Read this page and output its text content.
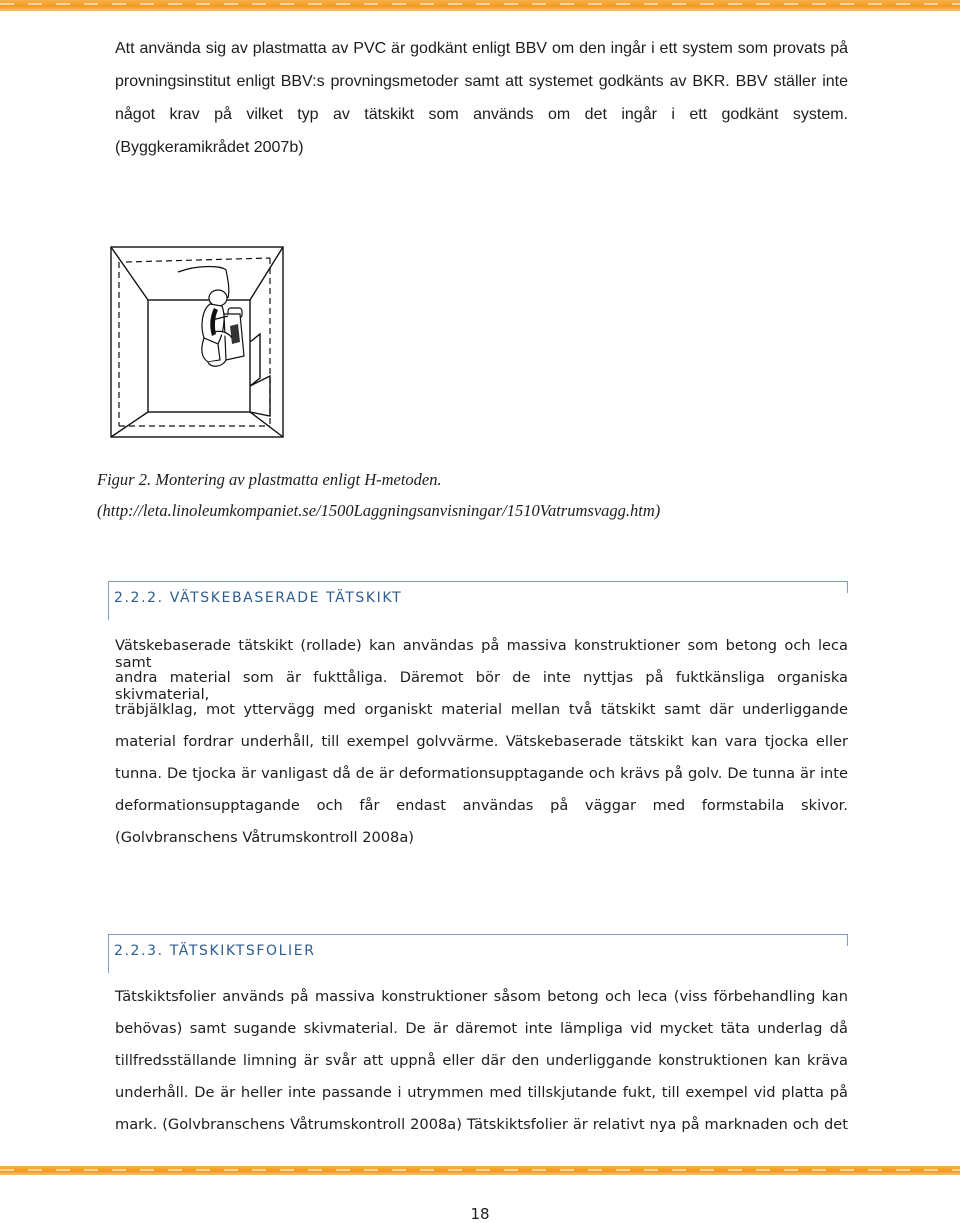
Att använda sig av plastmatta av PVC är godkänt enligt BBV om den ingår i ett system som provats på
provningsinstitut enligt BBV:s provningsmetoder samt att systemet godkänts av BKR. BBV ställer inte
något krav på vilket typ av tätskikt som används om det ingår i ett godkänt system.
(Byggkeramikrådet 2007b)
Figur 2. Montering av plastmatta enligt H-metoden.
(http://leta.linoleumkompaniet.se/1500Laggningsanvisningar/1510Vatrumsvagg.htm)
2.2.2. VÄTSKEBASERADE TÄTSKIKT
Vätskebaserade tätskikt (rollade) kan användas på massiva konstruktioner som betong och leca samt
andra material som är fukttåliga. Däremot bör de inte nyttjas på fuktkänsliga organiska skivmaterial,
träbjälklag, mot yttervägg med organiskt material mellan två tätskikt samt där underliggande
material fordrar underhåll, till exempel golvvärme. Vätskebaserade tätskikt kan vara tjocka eller
tunna. De tjocka är vanligast då de är deformationsupptagande och krävs på golv. De tunna är inte
deformationsupptagande och får endast användas på väggar med formstabila skivor.
(Golvbranschens Våtrumskontroll 2008a)
2.2.3. TÄTSKIKTSFOLIER
Tätskiktsfolier används på massiva konstruktioner såsom betong och leca (viss förbehandling kan
behövas) samt sugande skivmaterial. De är däremot inte lämpliga vid mycket täta underlag då
tillfredsställande limning är svår att uppnå eller där den underliggande konstruktionen kan kräva
underhåll. De är heller inte passande i utrymmen med tillskjutande fukt, till exempel vid platta på
mark. (Golvbranschens Våtrumskontroll 2008a) Tätskiktsfolier är relativt nya på marknaden och det
18
